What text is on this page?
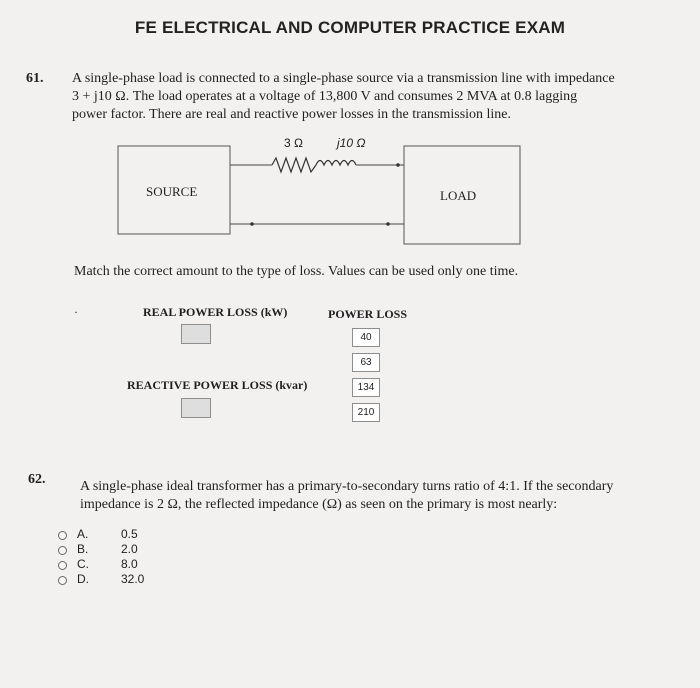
FE ELECTRICAL AND COMPUTER PRACTICE EXAM
61. A single-phase load is connected to a single-phase source via a transmission line with impedance
3 + j10 Ω. The load operates at a voltage of 13,800 V and consumes 2 MVA at 0.8 lagging
power factor. There are real and reactive power losses in the transmission line.
3 Ω	j10 Ω
SOURCE	LOAD
Match the correct amount to the type of loss. Values can be used only one time.
·	REAL POWER LOSS (kW)
REACTIVE POWER LOSS (kvar)
POWER LOSS
40
63
134
210
62. A single-phase ideal transformer has a primary-to-secondary turns ratio of 4:1. If the secondary
impedance is 2 Ω, the reflected impedance (Ω) as seen on the primary is most nearly:
A.	0.5
B.	2.0
C.	8.0
D.	32.0
